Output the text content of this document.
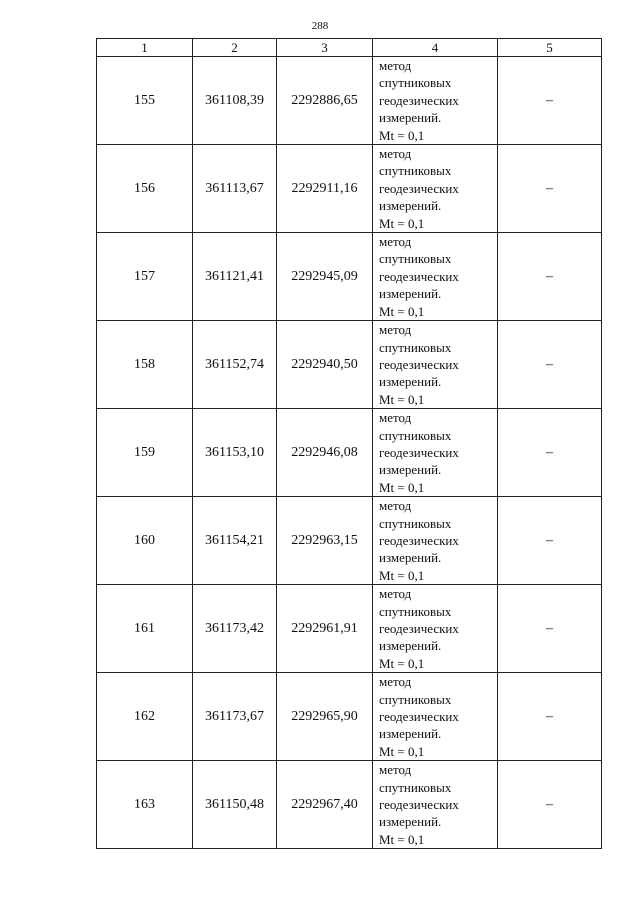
288
1	2	3	4	5
155	361108,39	2292886,65	метод
спутниковых
геодезических
измерений.
Mt = 0,1	–
156	361113,67	2292911,16	метод
спутниковых
геодезических
измерений.
Mt = 0,1	–
157	361121,41	2292945,09	метод
спутниковых
геодезических
измерений.
Mt = 0,1	–
158	361152,74	2292940,50	метод
спутниковых
геодезических
измерений.
Mt = 0,1	–
159	361153,10	2292946,08	метод
спутниковых
геодезических
измерений.
Mt = 0,1	–
160	361154,21	2292963,15	метод
спутниковых
геодезических
измерений.
Mt = 0,1	–
161	361173,42	2292961,91	метод
спутниковых
геодезических
измерений.
Mt = 0,1	–
162	361173,67	2292965,90	метод
спутниковых
геодезических
измерений.
Mt = 0,1	–
163	361150,48	2292967,40	метод
спутниковых
геодезических
измерений.
Mt = 0,1	–
